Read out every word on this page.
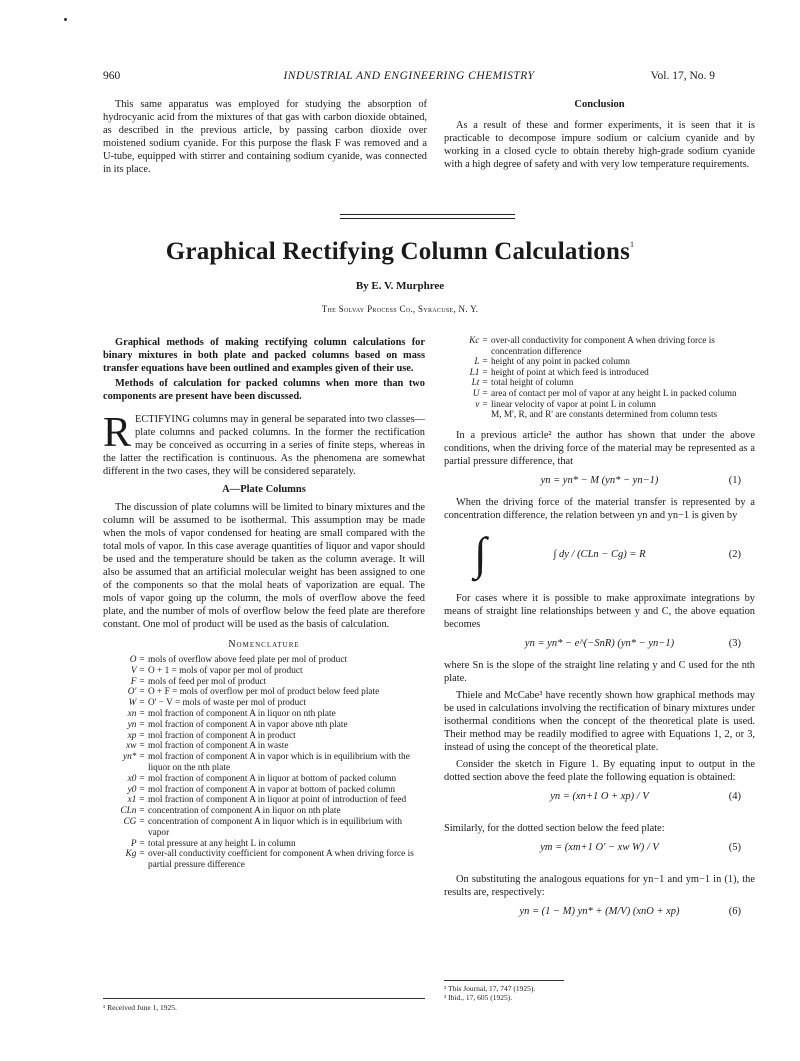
960	INDUSTRIAL AND ENGINEERING CHEMISTRY	Vol. 17, No. 9

This same apparatus was employed for studying the absorption of hydrocyanic acid from the mixtures of that gas with carbon dioxide obtained, as described in the previous article, by passing carbon dioxide over moistened sodium cyanide. For this purpose the flask F was removed and a U-tube, equipped with stirrer and containing sodium cyanide, was connected in its place.

Conclusion

As a result of these and former experiments, it is seen that it is practicable to decompose impure sodium or calcium cyanide and by working in a closed cycle to obtain thereby high-grade sodium cyanide with a high degree of safety and with very low temperature requirements.

Graphical Rectifying Column Calculations$^1$
By E. V. Murphree
The Solvay Process Co., Syracuse, N. Y.

Graphical methods of making rectifying column calculations for binary mixtures in both plate and packed columns based on mass transfer equations have been outlined and examples given of their use.

Methods of calculation for packed columns when more than two components are present have been discussed.

R ECTIFYING columns may in general be separated into two classes—plate columns and packed columns. In the former the rectification may be conceived as occurring in a series of finite steps, whereas in the latter the rectification is continuous. As the phenomena are somewhat different in the two cases, they will be considered separately.
A—Plate Columns

The discussion of plate columns will be limited to binary mixtures and the column will be assumed to be isothermal. This assumption may be made when the mols of vapor condensed for heating are small compared with the total mols of vapor. In this case average quantities of liquor and vapor should be used and the temperature should be taken as the column average. It will also be assumed that an artificial molecular weight has been assigned to one of the components so that the molal heats of vaporization are equal. The mols of vapor going up the column, the mols of overflow above the feed plate, and the number of mols of overflow below the feed plate are therefore constant. One mol of product will be used as the basis of calculation.

Nomenclature
O = mols of overflow above feed plate per mol of product
V = O + 1 = mols of vapor per mol of product
F = mols of feed per mol of product
O' = O + F = mols of overflow per mol of product below feed plate
W = O' − V = mols of waste per mol of product
xn = mol fraction of component A in liquor on nth plate
yn = mol fraction of component A in vapor above nth plate
xp = mol fraction of component A in product
xw = mol fraction of component A in waste
yn* = mol fraction of component A in vapor which is in equilibrium with the liquor on the nth plate
x0 = mol fraction of component A in liquor at bottom of packed column
y0 = mol fraction of component A in vapor at bottom of packed column
x1 = mol fraction of component A in liquor at point of introduction of feed
CLn = concentration of component A in liquor on nth plate
CG = concentration of component A in liquor which is in equilibrium with vapor
P = total pressure at any height L in column
Kg = over-all conductivity coefficient for component A when driving force is partial pressure difference
Kc = over-all conductivity for component A when driving force is concentration difference
L = height of any point in packed column
L1 = height of point at which feed is introduced
Lt = total height of column
U = area of contact per mol of vapor at any height L in packed column
v = linear velocity of vapor at point L in column
M, M', R, and R' are constants determined from column tests

In a previous article² the author has shown that under the above conditions, when the driving force of the material may be represented as a partial pressure difference, that

yn = yn* − M (yn* − yn−1)	(1)

When the driving force of the material transfer is represented by a concentration difference, the relation between yn and yn−1 is given by

∫	∫ dy / (CLn − Cg) = R	(2)

For cases where it is possible to make approximate integrations by means of straight line relationships between y and C, the above equation becomes

yn = yn* − e^(−SnR) (yn* − yn−1)	(3)

where Sn is the slope of the straight line relating y and C used for the nth plate.

Thiele and McCabe³ have recently shown how graphical methods may be used in calculations involving the rectification of binary mixtures under isothermal conditions when the concept of the theoretical plate is used. Their method may be readily modified to agree with Equations 1, 2, or 3, instead of using the concept of the theoretical plate.

Consider the sketch in Figure 1. By equating input to output in the dotted section above the feed plate the following equation is obtained:

yn = (xn+1 O + xp) / V	(4)

Similarly, for the dotted section below the feed plate:

ym = (xm+1 O' − xw W) / V	(5)

On substituting the analogous equations for yn−1 and ym−1 in (1), the results are, respectively:

yn = (1 − M) yn* + (M/V) (xnO + xp)	(6)
¹ Received June 1, 1925.
² This Journal, 17, 747 (1925).
³ Ibid., 17, 605 (1925).
